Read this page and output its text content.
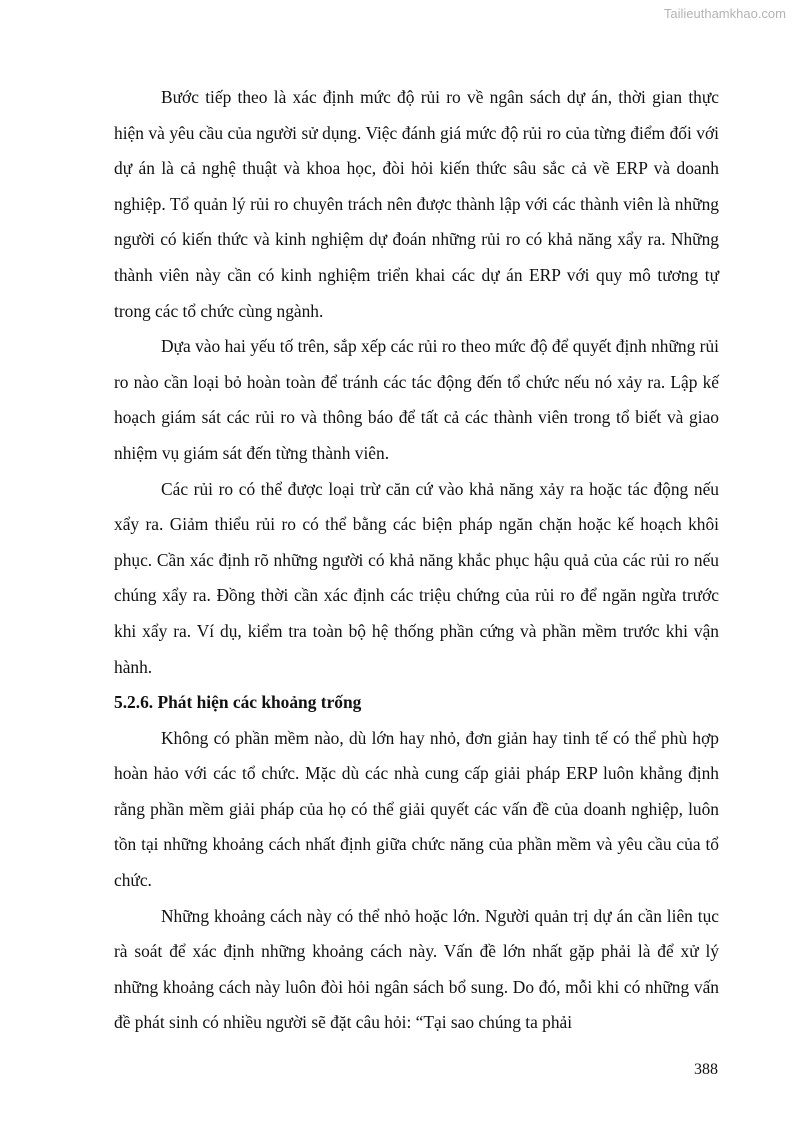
Tailieuthamkhao.com

Bước tiếp theo là xác định mức độ rủi ro về ngân sách dự án, thời gian thực hiện và yêu cầu của người sử dụng. Việc đánh giá mức độ rủi ro của từng điểm đối với dự án là cả nghệ thuật và khoa học, đòi hỏi kiến thức sâu sắc cả về ERP và doanh nghiệp. Tổ quản lý rủi ro chuyên trách nên được thành lập với các thành viên là những người có kiến thức và kinh nghiệm dự đoán những rủi ro có khả năng xẩy ra. Những thành viên này cần có kinh nghiệm triển khai các dự án ERP với quy mô tương tự trong các tổ chức cùng ngành.

Dựa vào hai yếu tố trên, sắp xếp các rủi ro theo mức độ để quyết định những rủi ro nào cần loại bỏ hoàn toàn để tránh các tác động đến tổ chức nếu nó xảy ra. Lập kế hoạch giám sát các rủi ro và thông báo để tất cả các thành viên trong tổ biết và giao nhiệm vụ giám sát đến từng thành viên.

Các rủi ro có thể được loại trừ căn cứ vào khả năng xảy ra hoặc tác động nếu xẩy ra. Giảm thiểu rủi ro có thể bằng các biện pháp ngăn chặn hoặc kế hoạch khôi phục. Cần xác định rõ những người có khả năng khắc phục hậu quả của các rủi ro nếu chúng xẩy ra. Đồng thời cần xác định các triệu chứng của rủi ro để ngăn ngừa trước khi xẩy ra. Ví dụ, kiểm tra toàn bộ hệ thống phần cứng và phần mềm trước khi vận hành.

5.2.6. Phát hiện các khoảng trống

Không có phần mềm nào, dù lớn hay nhỏ, đơn giản hay tinh tế có thể phù hợp hoàn hảo với các tổ chức. Mặc dù các nhà cung cấp giải pháp ERP luôn khẳng định rằng phần mềm giải pháp của họ có thể giải quyết các vấn đề của doanh nghiệp, luôn tồn tại những khoảng cách nhất định giữa chức năng của phần mềm và yêu cầu của tổ chức.

Những khoảng cách này có thể nhỏ hoặc lớn. Người quản trị dự án cần liên tục rà soát để xác định những khoảng cách này. Vấn đề lớn nhất gặp phải là để xử lý những khoảng cách này luôn đòi hỏi ngân sách bổ sung. Do đó, mỗi khi có những vấn đề phát sinh có nhiều người sẽ đặt câu hỏi: “Tại sao chúng ta phải

388
